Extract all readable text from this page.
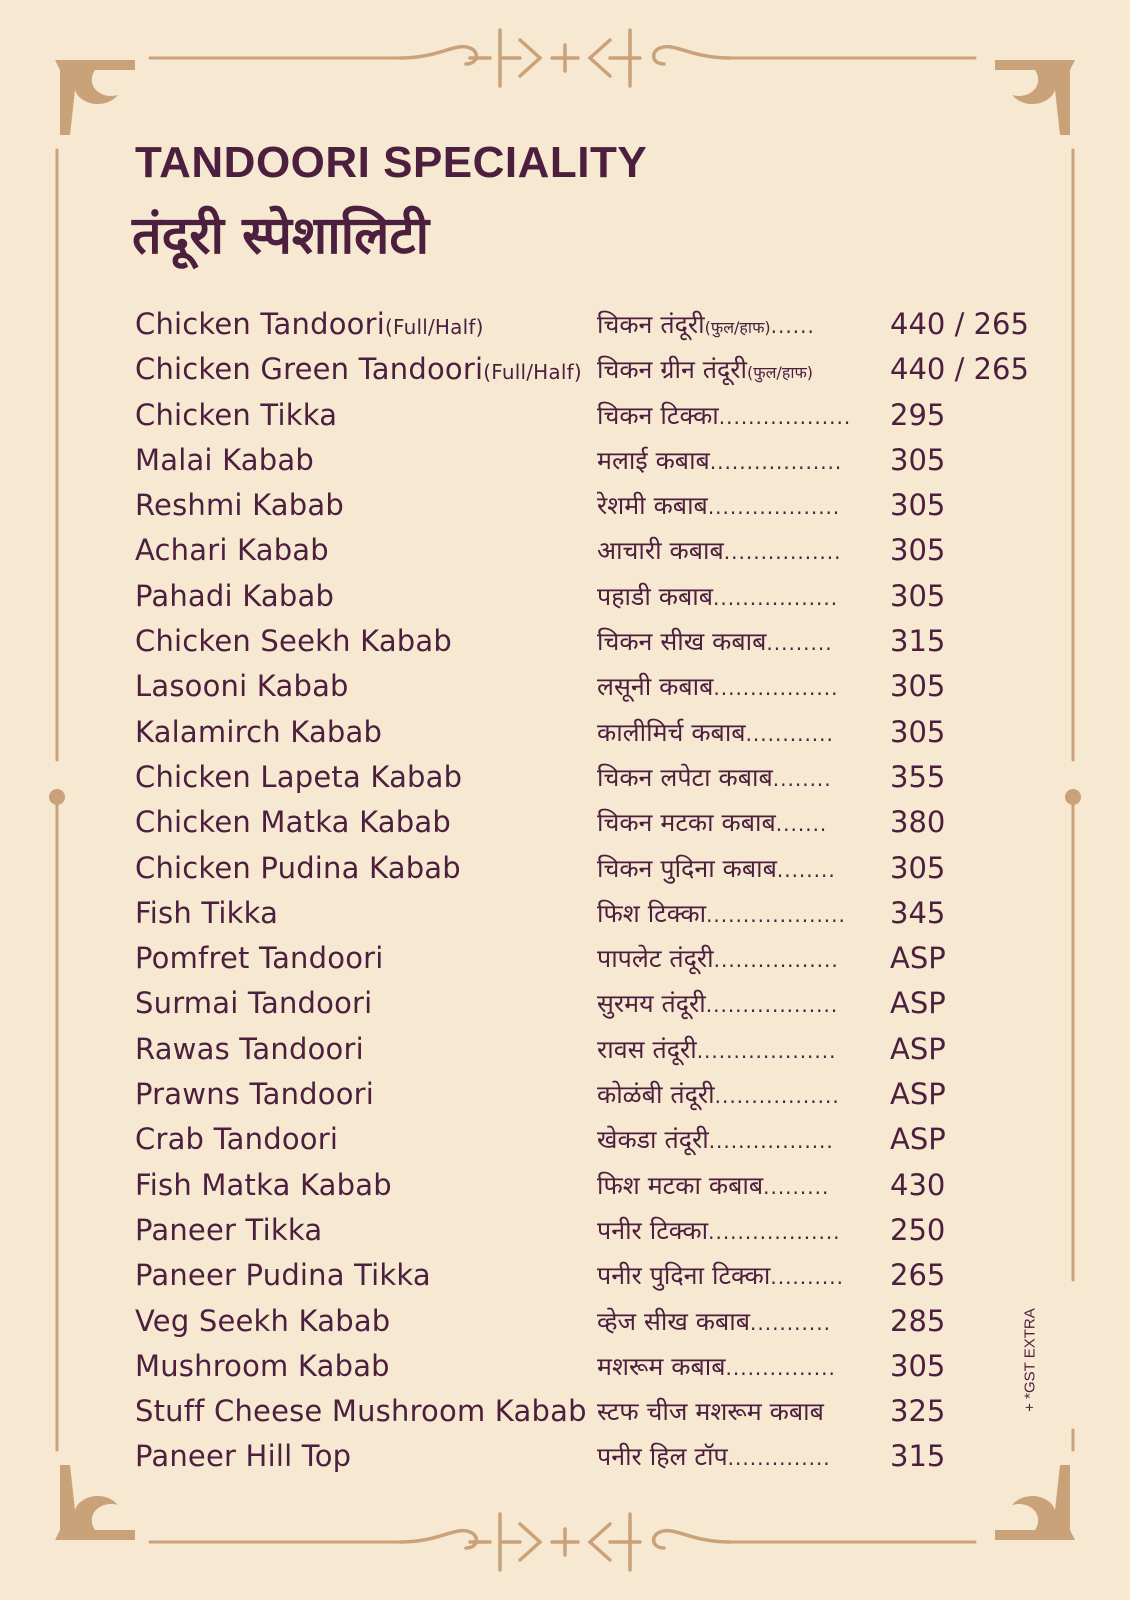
TANDOORI SPECIALITY
तंदूरी स्पेशालिटी
Chicken Tandoori(Full/Half)	चिकन तंदूरी(फुल/हाफ)......	440 / 265
Chicken Green Tandoori(Full/Half) चिकन ग्रीन तंदूरी(फुल/हाफ)	440 / 265
Chicken Tikka	चिकन टिक्का..................	295
Malai Kabab	मलाई कबाब..................	305
Reshmi Kabab	रेशमी कबाब..................	305
Achari Kabab	आचारी कबाब................	305
Pahadi Kabab	पहाडी कबाब.................	305
Chicken Seekh Kabab	चिकन सीख कबाब.........	315
Lasooni Kabab	लसूनी कबाब.................	305
Kalamirch Kabab	कालीमिर्च कबाब............	305
Chicken Lapeta Kabab	चिकन लपेटा कबाब........	355
Chicken Matka Kabab	चिकन मटका कबाब.......	380
Chicken Pudina Kabab	चिकन पुदिना कबाब........	305
Fish Tikka	फिश टिक्का...................	345
Pomfret Tandoori	पापलेट तंदूरी.................	ASP
Surmai Tandoori	सुरमय तंदूरी..................	ASP
Rawas Tandoori	रावस तंदूरी...................	ASP
Prawns Tandoori	कोळंबी तंदूरी.................	ASP
Crab Tandoori	खेकडा तंदूरी.................	ASP
Fish Matka Kabab	फिश मटका कबाब.........	430
Paneer Tikka	पनीर टिक्का..................	250
Paneer Pudina Tikka	पनीर पुदिना टिक्का..........	265
Veg Seekh Kabab	व्हेज सीख कबाब...........	285
Mushroom Kabab	मशरूम कबाब...............	305
Stuff Cheese Mushroom Kabab स्टफ चीज मशरूम कबाब	325
Paneer Hill Top	पनीर हिल टॉप..............	315
+ *GST EXTRA
